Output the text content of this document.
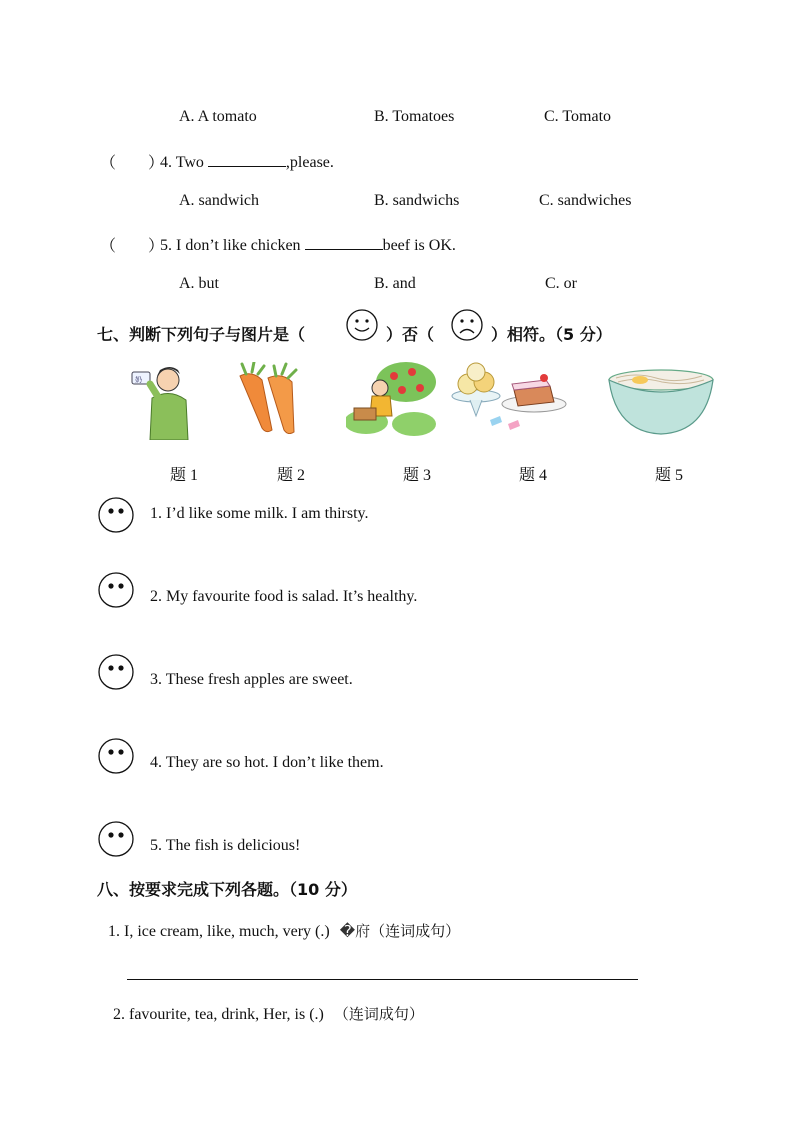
A. A tomato	B. Tomatoes	C. Tomato
（　　）
4. Two	,please.
A. sandwich	B. sandwichs	C. sandwiches
（　　）
5. I don’t like chicken	beef is OK.
A. but	B. and	C. or
七、判断下列句子与图片是（	）否（	）相符。（5 分）
奶
题 1	题 2	题 3	题 4	题 5
1. I’d like some milk. I am thirsty.
2. My favourite food is salad. It’s healthy.
3. These fresh apples are sweet.
4. They are so hot. I don’t like them.
5. The fish is delicious!
八、按要求完成下列各题。（10 分）
1. I, ice cream, like, much, very (.) �府（连词成句）
2. favourite, tea, drink, Her, is (.) （连词成句）
